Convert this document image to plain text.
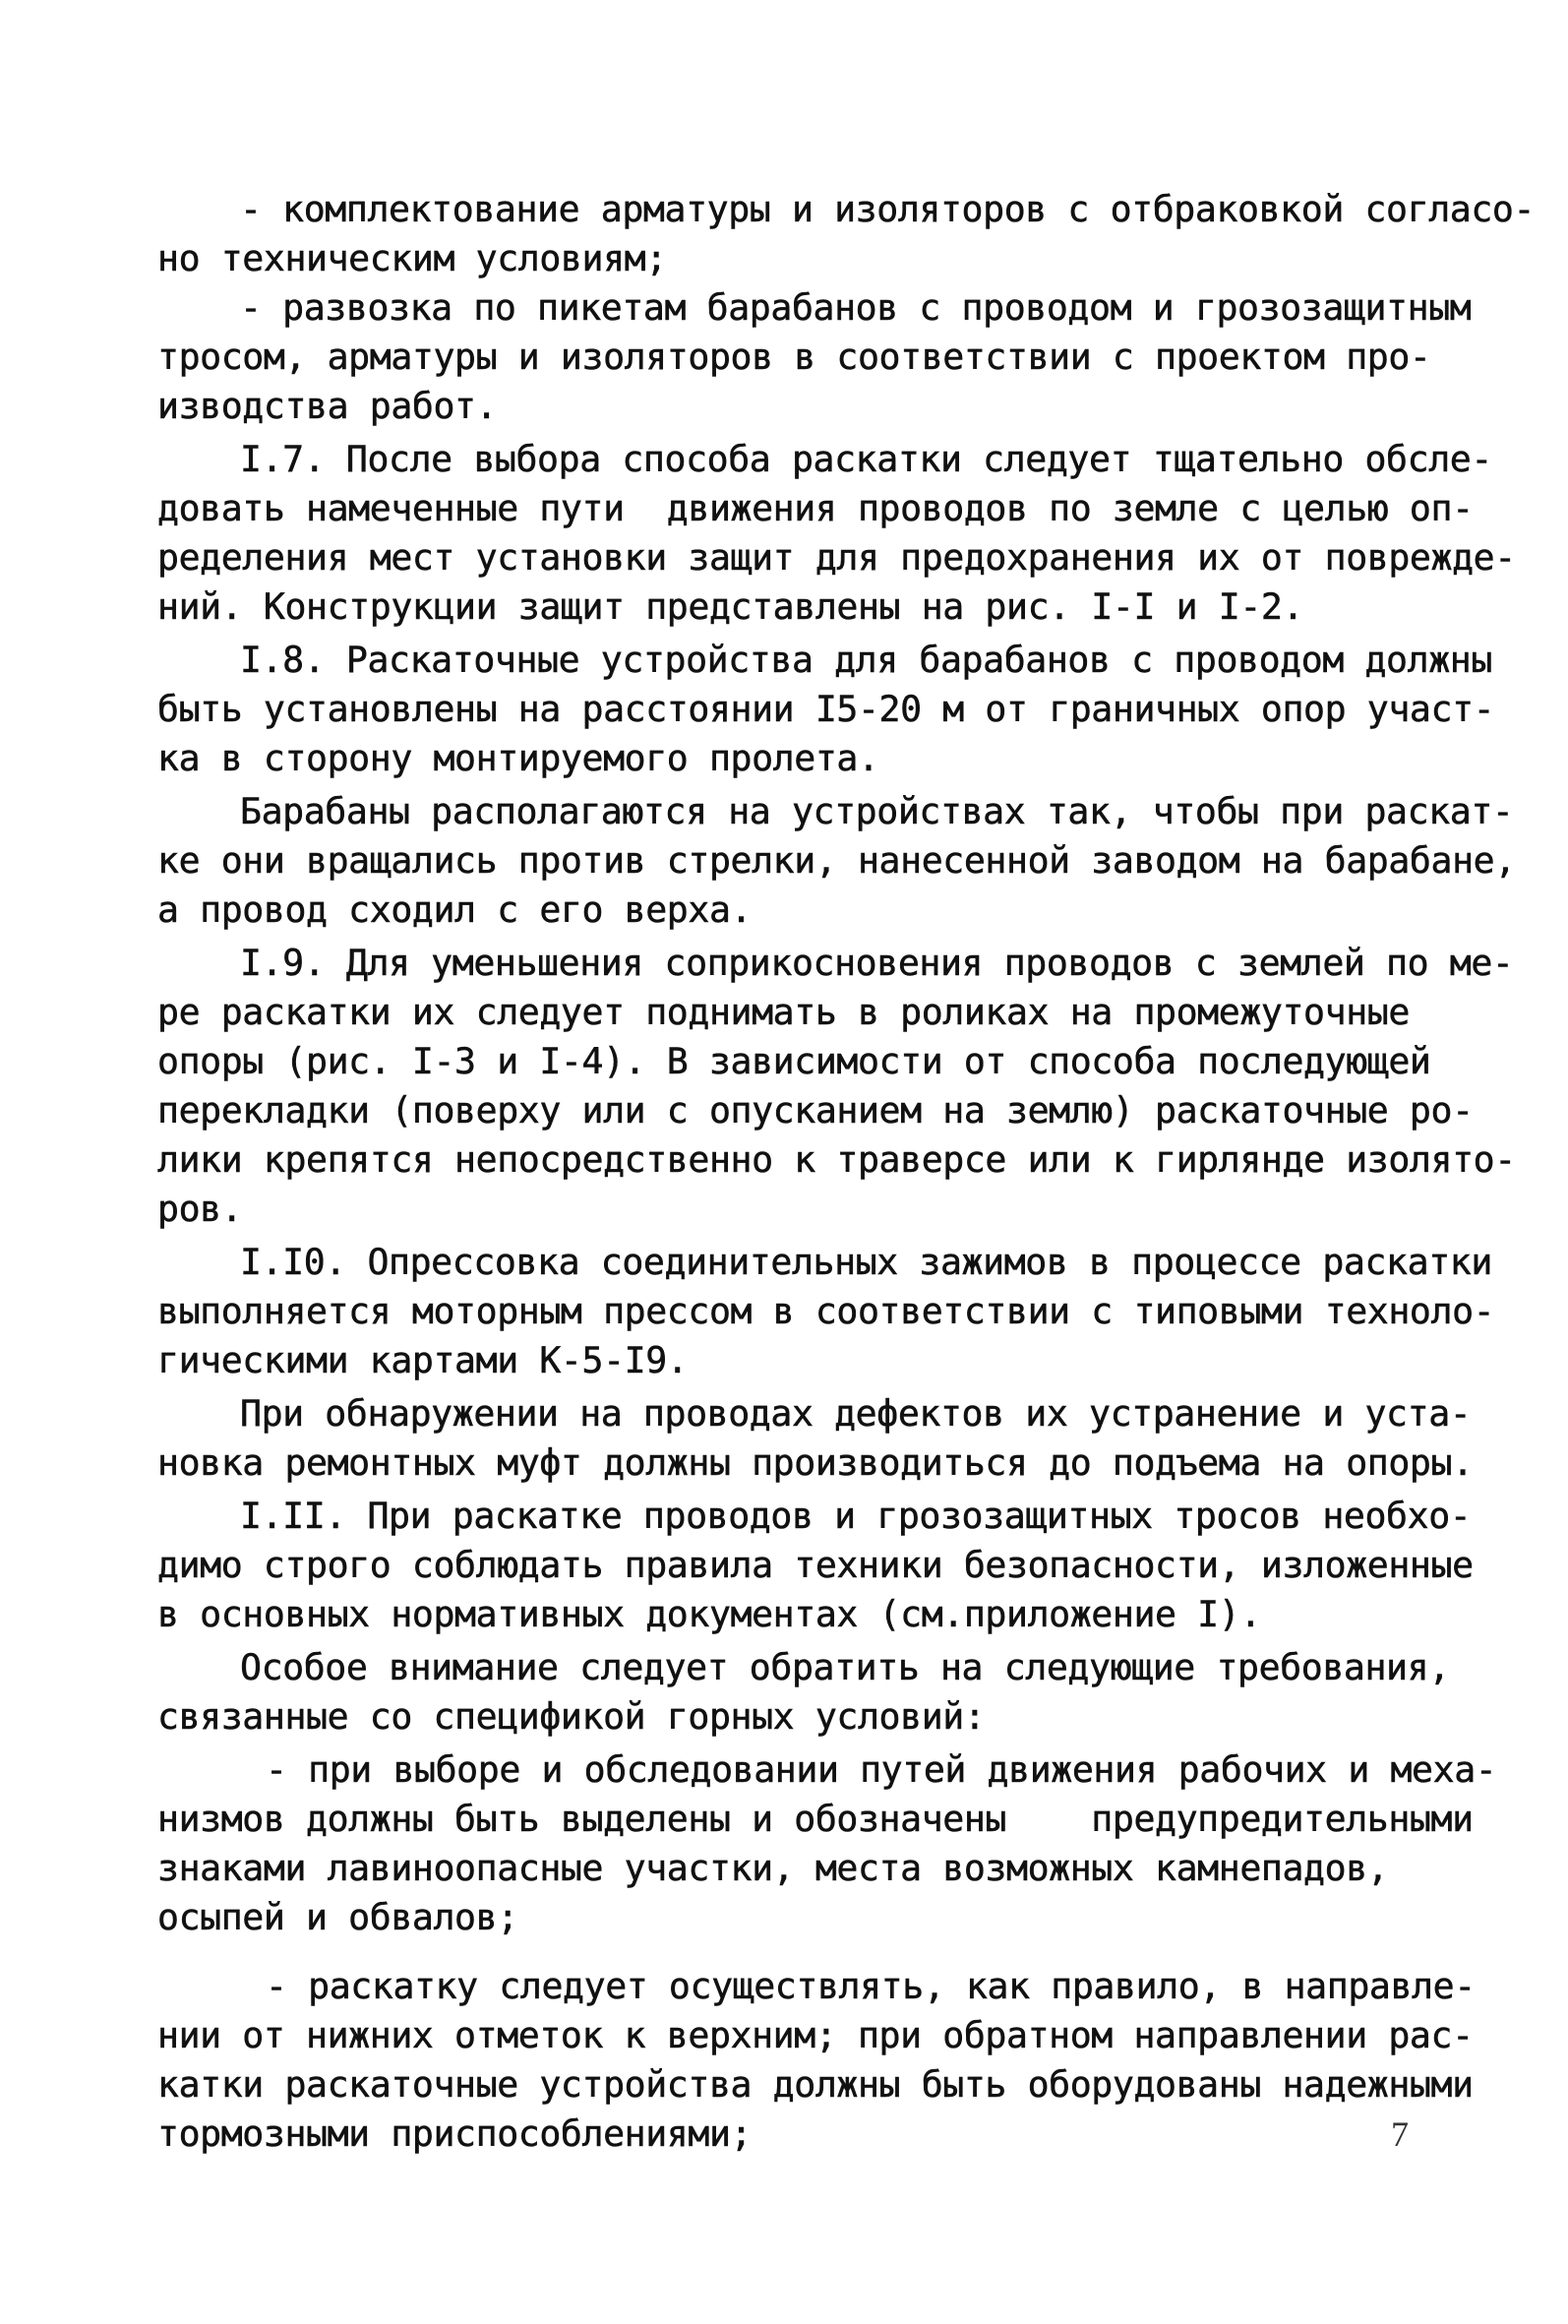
- комплектование арматуры и изоляторов с отбраковкой согласо-

но техническим условиям;

- развозка по пикетам барабанов с проводом и грозозащитным

тросом, арматуры и изоляторов в соответствии с проектом про-

изводства работ.

I.7. После выбора способа раскатки следует тщательно обсле-

довать намеченные пути  движения проводов по земле с целью оп-

ределения мест установки защит для предохранения их от поврежде-

ний. Конструкции защит представлены на рис. I-I и I-2.

I.8. Раскаточные устройства для барабанов с проводом должны

быть установлены на расстоянии I5-20 м от граничных опор участ-

ка в сторону монтируемого пролета.

Барабаны располагаются на устройствах так, чтобы при раскат-

ке они вращались против стрелки, нанесенной заводом на барабане,

а провод сходил с его верха.

I.9. Для уменьшения соприкосновения проводов с землей по ме-

ре раскатки их следует поднимать в роликах на промежуточные

опоры (рис. I-3 и I-4). В зависимости от способа последующей

перекладки (поверху или с опусканием на землю) раскаточные ро-

лики крепятся непосредственно к траверсе или к гирлянде изолято-

ров.

I.I0. Опрессовка соединительных зажимов в процессе раскатки

выполняется моторным прессом в соответствии с типовыми техноло-

гическими картами К-5-I9.

При обнаружении на проводах дефектов их устранение и уста-

новка ремонтных муфт должны производиться до подъема на опоры.

I.II. При раскатке проводов и грозозащитных тросов необхо-

димо строго соблюдать правила техники безопасности, изложенные

в основных нормативных документах (см.приложение I).

Особое внимание следует обратить на следующие требования,

связанные со спецификой горных условий:

- при выборе и обследовании путей движения рабочих и меха-

низмов должны быть выделены и обозначены    предупредительными

знаками лавиноопасные участки, места возможных камнепадов,

осыпей и обвалов;

- раскатку следует осуществлять, как правило, в направле-

нии от нижних отметок к верхним; при обратном направлении рас-

катки раскаточные устройства должны быть оборудованы надежными

тормозными приспособлениями;	7
